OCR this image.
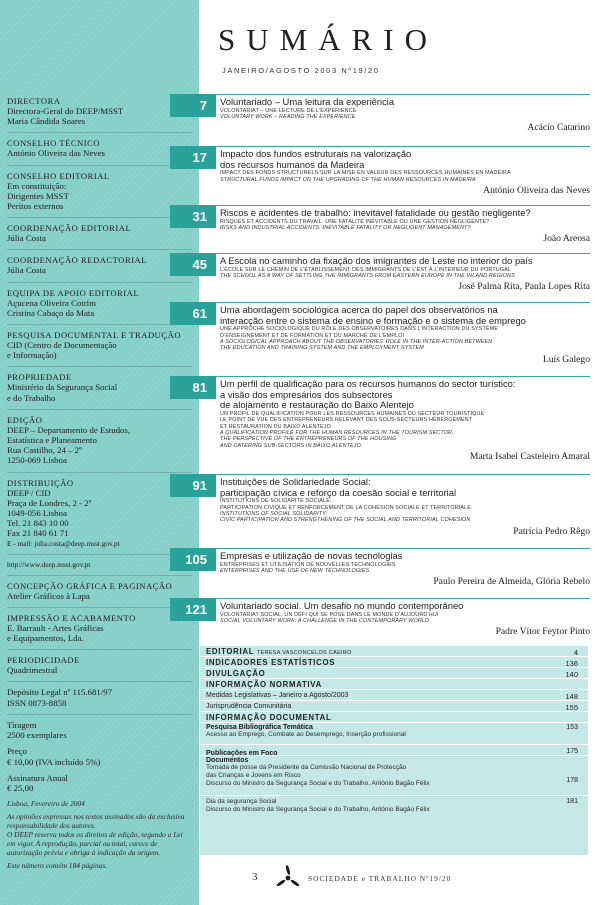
DIRECTORA
Directora-Geral do DEEP/MSST
Maria Cândida Soares
CONSELHO TÉCNICO
António Oliveira das Neves
CONSELHO EDITORIAL
Em constituição:
Dirigentes MSST
Peritos externos
COORDENAÇÃO EDITORIAL
Júlia Costa
COORDENAÇÃO REDACTORIAL
Júlia Costa
EQUIPA DE APOIO EDITORIAL
Açucena Oliveira Cotrim
Cristina Cabaço da Mata
PESQUISA DOCUMENTAL E TRADUÇÃO
CID (Centro de Documentação
e Informação)
PROPRIEDADE
Ministério da Segurança Social
e do Trabalho
EDIÇÃO
DEEP – Departamento de Estudos,
Estatística e Planeamento
Rua Castilho, 24 – 2º
1250-069 Lisboa
DISTRIBUIÇÃO
DEEP / CID
Praça de Londres, 2 - 2º
1049-056 Lisboa
Tel. 21 843 10 00
Fax 21 840 61 71
E - mail: julia.costa@deep.msst.gov.pt
http://www.deep.msst.gov.pt
CONCEPÇÃO GRÁFICA E PAGINAÇÃO
Atelier Gráficos à Lapa
IMPRESSÃO E ACABAMENTO
E. Barrault - Artes Gráficas
e Equipamentos, Lda.
PERIODICIDADE
Quadrimestral
Depósito Legal nº 115.681/97
ISSN 0873-8858
Tiragem
2500 exemplares
Preço
€ 10,00 (IVA incluído 5%)
Assinatura Anual
€ 25,00
Lisboa, Fevereiro de 2004
As opiniões expressas nos textos assinados são da exclusiva responsabilidade dos autores.
O DEEP reserva todos os direitos de edição, segundo a Lei em vigor. A reprodução, parcial ou total, carece de autorização prévia e obriga à indicação da origem.
Este número contém 184 páginas.
SUMÁRIO
JANEIRO/AGOSTO 2003 Nº19/20
7	Voluntariado – Uma leitura da experiência
VOLONTARIAT – UNE LECTURE DE L’EXPÉRIENCE
VOLUNTARY WORK – READING THE EXPERIENCE
Acácio Catarino
17	Impacto dos fundos estruturais na valorização
dos recursos humanos da Madeira
IMPACT DES FONDS STRUCTURELS SUR LA MISE EN VALEUR DES RESSOURCES HUMAINES EN MADEIRA
STRUCTURAL FUNDS IMPACT ON THE UPGRADING OF THE HUMAN RESOURCES IN MADEIRA
António Oliveira das Neves
31	Riscos e acidentes de trabalho: inevitável fatalidade ou gestão negligente?
RISQUES ET ACCIDENTS DU TRAVAIL: UNE FATALITÉ INÉVITABLE OU UNE GESTION NÉGLIGENTE?
RISKS AND INDUSTRIAL ACCIDENTS: INEVITABLE FATALITY OR NEGLIGENT MANAGEMENT?
João Areosa
45	A Escola no caminho da fixação dos imigrantes de Leste no interior do país
L’ÉCOLE SUR LE CHEMIN DE L’ÉTABLISSEMENT DES IMMIGRANTS DE L’EST À L’INTÉRIEUR DU PORTUGAL
THE SCHOOL AS A WAY OF SETTLING THE IMMIGRANTS FROM EASTERN EUROPE IN THE INLAND REGIONS
José Palma Rita, Paula Lopes Rita
61	Uma abordagem sociológica acerca do papel dos observatórios na
interacção entre o sistema de ensino e formação e o sistema de emprego
UNE APPROCHE SOCIOLOGIQUE DU RÔLE DES OBSERVATOIRES DANS L’INTERACTION DU SYSTÈME
D’ENSEIGNEMENT ET DE FORMATION ET DU MARCHÉ DE L’EMPLOI
A SOCIOLOGICAL APPROACH ABOUT THE OBSERVATORIES’ ROLE IN THE INTER-ACTION BETWEEN
THE EDUCATION AND TRAINING SYSTEM AND THE EMPLOYMENT SYSTEM
Luís Galego
81	Um perfil de qualificação para os recursos humanos do sector turístico:
a visão dos empresários dos subsectores
de alojamento e restauração do Baixo Alentejo
UN PROFIL DE QUALIFICATION POUR LES RESSOURCES HUMAINES DU SECTEUR TOURISTIQUE:
LE POINT DE VUE DES ENTREPRENEURS RELEVANT DES SOUS-SECTEURS HÉBERGEMENT
ET RESTAURATION DU BAIXO ALENTEJO
A QUALIFICATION PROFILE FOR THE HUMAN RESOURCES IN THE TOURISM SECTOR.
THE PERSPECTIVE OF THE ENTREPRENEURS OF THE HOUSING
AND CATERING SUB-SECTORS IN BAIXO ALENTEJO
Marta Isabel Casteleiro Amaral
91	Instituições de Solidariedade Social:
participação cívica e reforço da coesão social e territorial
INSTITUTIONS DE SOLIDARITÉ SOCIALE:
PARTICIPATION CIVIQUE ET RENFORCEMENT DE LA COHÉSION SOCIALE ET TERRITORIALE
INSTITUTIONS OF SOCIAL SOLIDARITY:
CIVIC PARTICIPATION AND STRENGTHENING OF THE SOCIAL AND TERRITORIAL COHESION
Patrícia Pedro Rêgo
105	Empresas e utilização de novas tecnologias
ENTREPRISES ET UTILISATION DE NOUVELLES TECHNOLOGIES
ENTERPRISES AND THE USE OF NEW TECHNOLOGIES
Paulo Pereira de Almeida, Glória Rebelo
121	Voluntariado social. Um desafio no mundo contemporâneo
VOLONTARIAT SOCIAL. UN DÉFI QUI SE POSE DANS LE MONDE D’AUJOURD’HUI
SOCIAL VOLUNTARY WORK: A CHALLENGE IN THE CONTEMPORARY WORLD
Padre Vítor Feytor Pinto
EDITORIAL TERESA VASCONCELOS CAEIRO	4
INDICADORES ESTATÍSTICOS	136
DIVULGAÇÃO	140
INFORMAÇÃO NORMATIVA
Medidas Legislativas – Janeiro a Agosto/2003	148
Jurisprudência Comunitária	155
INFORMAÇÃO DOCUMENTAL
Pesquisa Bibliográfica Temática
Acesso ao Emprego, Combate ao Desemprego, Inserção profissional
153
Publicações em Foco	175
Documentos
Tomada de posse da Presidente da Comissão Nacional de Protecção
das Crianças e Jovens em Risco
Discurso do Ministro da Segurança Social e do Trabalho, António Bagão Félix	178
Dia da segurança Social
Discurso do Ministro da Segurança Social e do Trabalho, António Bagão Félix
181
3	SOCIEDADE e TRABALHO Nº19/20
